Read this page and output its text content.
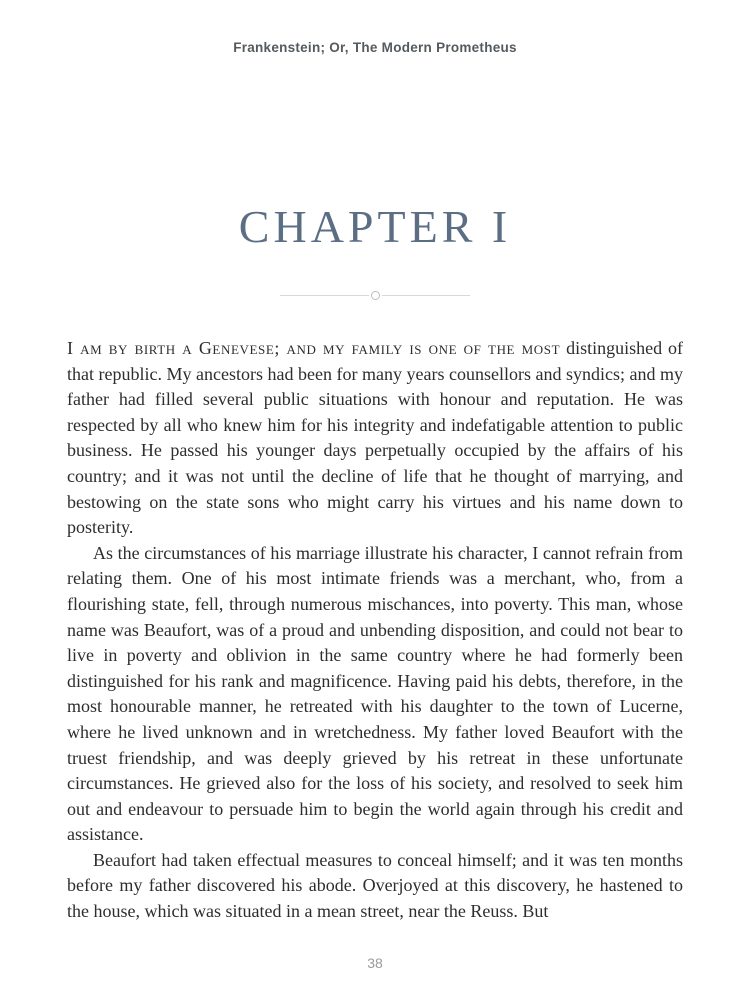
Frankenstein; Or, The Modern Prometheus
CHAPTER I

I am by birth a Genevese; and my family is one of the most distinguished of that republic. My ancestors had been for many years counsellors and syndics; and my father had filled several public situations with honour and reputation. He was respected by all who knew him for his integrity and indefatigable attention to public business. He passed his younger days perpetually occupied by the affairs of his country; and it was not until the decline of life that he thought of marrying, and bestowing on the state sons who might carry his virtues and his name down to posterity.

As the circumstances of his marriage illustrate his character, I cannot refrain from relating them. One of his most intimate friends was a merchant, who, from a flourishing state, fell, through numerous mischances, into poverty. This man, whose name was Beaufort, was of a proud and unbending disposition, and could not bear to live in poverty and oblivion in the same country where he had formerly been distinguished for his rank and magnificence. Having paid his debts, therefore, in the most honourable manner, he retreated with his daughter to the town of Lucerne, where he lived unknown and in wretchedness. My father loved Beaufort with the truest friendship, and was deeply grieved by his retreat in these unfortunate circumstances. He grieved also for the loss of his society, and resolved to seek him out and endeavour to persuade him to begin the world again through his credit and assistance.

Beaufort had taken effectual measures to conceal himself; and it was ten months before my father discovered his abode. Overjoyed at this discovery, he hastened to the house, which was situated in a mean street, near the Reuss. But

38
